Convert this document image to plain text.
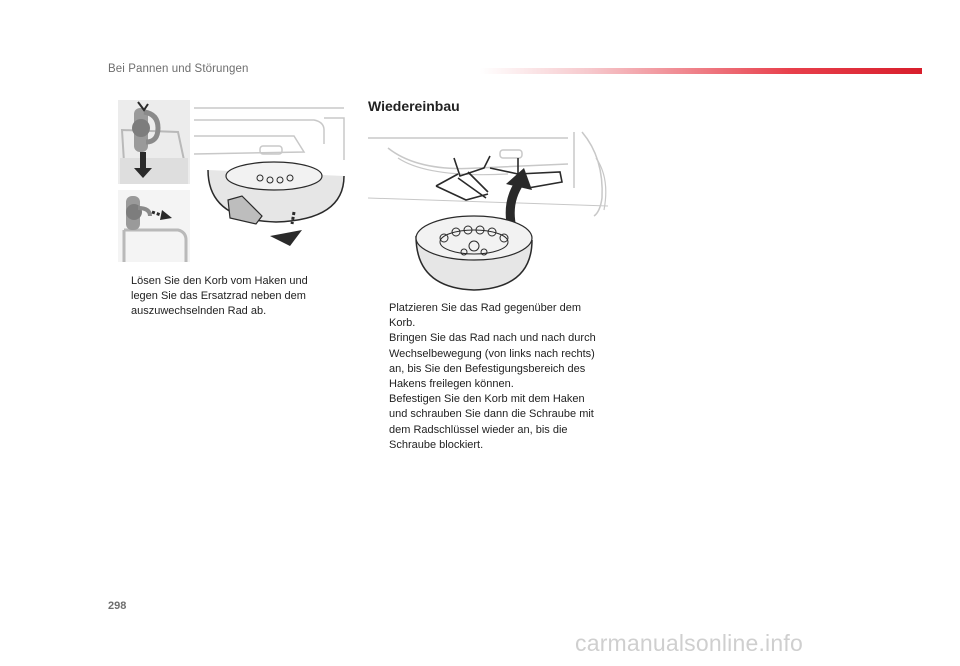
Bei Pannen und Störungen
Wiedereinbau
Lösen Sie den Korb vom Haken und legen Sie das Ersatzrad neben dem auszuwechselnden Rad ab.	Platzieren Sie das Rad gegenüber dem Korb.
Bringen Sie das Rad nach und nach durch Wechselbewegung (von links nach rechts) an, bis Sie den Befestigungsbereich des Hakens freilegen können.
Befestigen Sie den Korb mit dem Haken und schrauben Sie dann die Schraube mit dem Radschlüssel wieder an, bis die Schraube blockiert.
298
carmanualsonline.info
